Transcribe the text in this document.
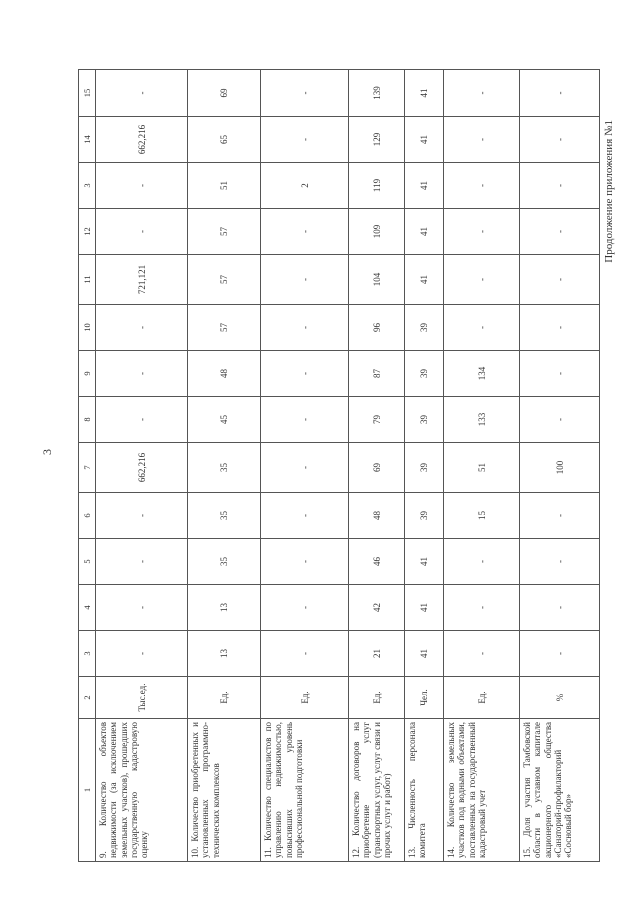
3
Продолжение приложения №1
1	2	3	4	5	6	7	8	9	10	11	12	3	14	15
9. Количество объектов недвижимости (за исключением земельных участков), прошедших государственную кадастровую оценку	Тыс.ед.	-	-	-	-	662,216	-	-	-	721,121	-	-	662,216	-
10. Количество приобретенных и установленных программно-технических комплексов	Ед.	13	13	35	35	35	45	48	57	57	57	51	65	69
11. Количество специалистов по управлению недвижимостью, повысивших уровень профессиональной подготовки	Ед.	-	-	-	-	-	-	-	-	-	-	2	-	-
12. Количество договоров на приобретение услуг (транспортных услуг, услуг связи и прочих услуг и работ)	Ед.	21	42	46	48	69	79	87	96	104	109	119	129	139
13. Численность персонала комитета	Чел.	41	41	41	39	39	39	39	39	41	41	41	41	41
14. Количество земельных участков под водными объектами, поставленных на государственный кадастровый учет	Ед.	-	-	-	15	51	133	134	-	-	-	-	-	-
15. Доля участия Тамбовской области в уставном капитале акционерного общества «Санаторий-профилакторий «Сосновый бор»	%	-	-	-	-	100	-	-	-	-	-	-	-	-
